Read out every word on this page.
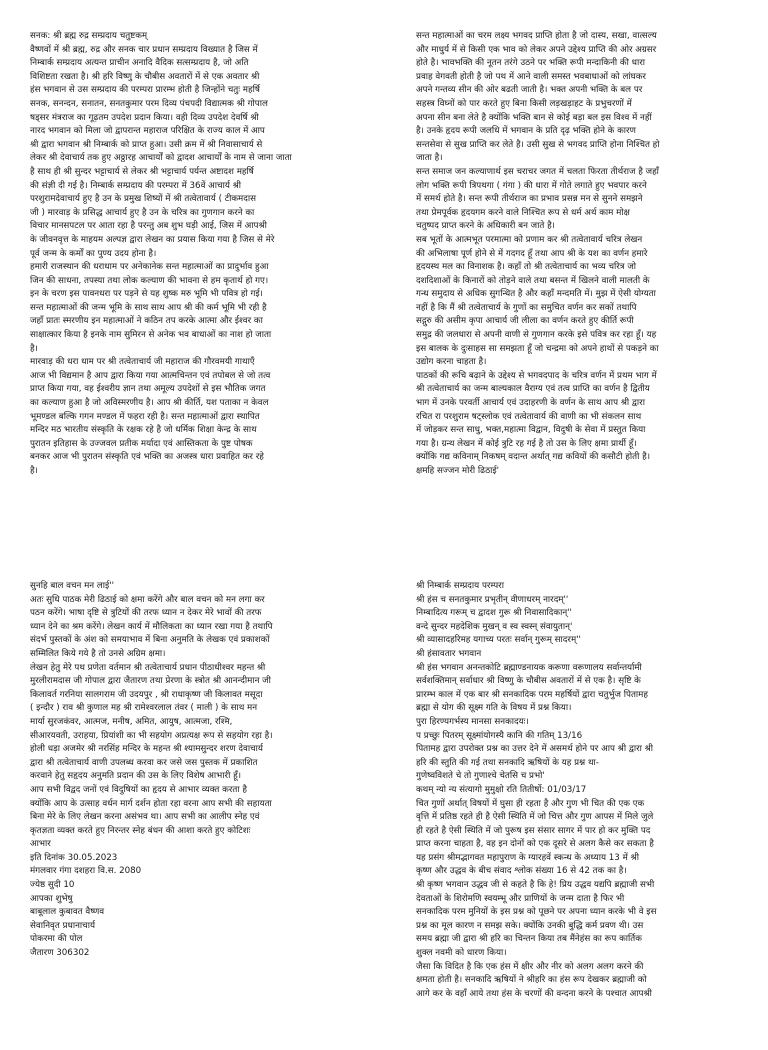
सनक: श्री ब्रह्म रुद्र सम्प्रदाय चतुष्टकम्
वैष्णवों में श्री ब्रह्म, रुद्र और सनक चार प्रधान सम्प्रदाय विख्यात है जिस में
निम्बार्क सम्प्रदाय अत्यन्त प्राचीन अनादि वैदिक सत्सम्प्रदाय है, जो अति
विशिष्टता रखता है। श्री हरि विष्णु के चौबीस अवतारों में से एक अवतार श्री
हंस भगवान से उस सम्प्रदाय की परम्परा प्रारम्भ होती है जिन्होंने चतुः महर्षि
सनक, सनन्दन, सनातन, सनतकुमार परम दिव्य पंचपदी विद्यात्मक श्री गोपाल
षड्सर मंत्रराज का गूढ़तम उपदेश प्रदान किया। वही दिव्य उपदेश देवर्षि श्री
नारद भगवान को मिला जो द्वापरान्त महाराज परिक्षित के राज्य काल में आप
श्री द्वारा भगवान श्री निम्बार्क को प्राप्त हुआ। उसी क्रम में श्री निवासाचार्य से
लेकर श्री देवाचार्य तक हुए अठ्ठारह आचार्यों को द्वादश आचार्यों के नाम से जाना जाता
है साथ ही श्री सुन्दर भट्टाचार्य से लेकर श्री भट्टाचार्य पर्यन्त अष्टादश महर्षि
की संज्ञी दी गई है। निम्बार्क सम्प्रदाय की परम्परा में 36वें आचार्य श्री
परशुरामदेवाचार्य हुए है उन के प्रमुख शिष्यों में श्री तत्वेतावार्य ( टीकमदास
जी ) मारवाड़ के प्रसिद्ध आचार्य हुए है उन के चरित्र का गुणगान करने का
विचार मानसपटल पर आता रहा है परन्तु अब शुभ घड़ी आई, जिस में आपश्री
के जीवनवृत्त के माहयम अल्पज्ञ द्वारा लेखन का प्रयास किया गया है जिस से मेरे
पूर्व जन्म के कर्मों का पुण्य उदय होना है।
हमारी राजस्थान की धराधाम पर अनेकानेक सन्त महात्माओं का प्रादुर्भाव हुआ
जिन की साधना, तपस्या तथा लोक कल्याण की भावना से हम कृतार्थ हो गए।
इन के चरण इस पावनधरा पर पड़ने से यह शुष्क मरु भूमि भी पवित्र हो गई।
सन्त महात्माओं की जन्म भूमि के साथ साथ आप श्री की कर्म भूमि भी रही है
जहाँ प्रातः स्मरणीय इन महात्माओं ने कठिन तप करके आत्मा और ईश्वर का
साक्षात्कार किया है इनके नाम सुमिरन से अनेक भव बाधाओं का नाश हो जाता
है।
मारवाड़ की धरा धाम पर श्री तत्वेताचार्य जी महाराज की गौरवमयी गाथाएँ
आज भी विद्यमान है आप द्वारा किया गया आत्मचिन्तन एवं तपोबल से जो तत्व
प्राप्त किया गया, वह ईश्वरीय ज्ञान तथा अमूल्य उपदेशों से इस भौतिक जगत
का कल्याण हुआ है जो अविस्मरणीय है। आप श्री कीर्ति, यश पताका न केवल
भूमण्डल बल्कि गगन मण्डल में फहरा रही है। सन्त महात्माओं द्वारा स्थापित
मन्दिर मठ भारतीय संस्कृति के रक्षक रहे है जो धर्मिक शिक्षा केन्द्र के साथ
पुरातन इतिहास के उज्जवल प्रतीक मर्यादा एवं आस्तिकता के पुष्ट पोषक
बनकर आज भी पुरातन संस्कृति एवं भक्ति का अजस्त्र धारा प्रवाहित कर रहे
है।
सन्त महात्माओं का चरम लक्ष्य भगवद प्राप्ति होता है जो दास्य, सखा, वात्सल्य
और माधुर्य में से किसी एक भाव को लेकर अपने उद्देश्य प्राप्ति की ओर अग्रसर
होते है। भावभक्ति की नूतन तरंगे उठने पर भक्ति रूपी मन्दाकिनी की धारा
प्रवाह वेगवती होती है जो पथ में आने वाली समस्त भवबाधाओं को लांघकर
अपने गन्तव्य सीन की ओर बढती जाती है। भक्त अपनी भक्ति के बल पर
सहस्त्र विघ्नों को पार करते हुए बिना किसी लड़खड़ाहट के प्रभुचरणों में
अपना सीन बना लेते है क्योंकि भक्ति बान से कोई बड़ा बल इस विश्व में नहीं
है। उनके हृदय रूपी जलधि में भगवान के प्रति दृढ़ भक्ति होने के कारण
सन्तसेवा से सुख प्राप्ति कर लेते है। उसी सुख से भगवद प्राप्ति होना निश्चित हो
जाता है।
सन्त समाज जन कल्याणार्थ इस चराचर जगत में चलता फिरता तीर्थराज है जहाँ
लोग भक्ति रूपी त्रिपथगा ( गंगा ) की धारा में गोते लगाते हुए भवपार करने
में समर्थ होते है। सन्त रूपी तीर्थराज का प्रभाव प्रसन्न मन से सुनने समझने
तथा प्रेमपूर्वक हृदयगम करने वाले निश्चित रूप से धर्म अर्थ काम मोक्ष
चतुष्पद प्राप्त करने के अधिकारी बन जाते है।
सब भूतों के आत्मभूत परमात्मा को प्रणाम कर श्री तत्वेतावार्य चरित्र लेखन
की अभिलाषा पूर्ण होने से में गदगद हूँ तथा आप श्री के यश का वर्णन हमारे
हृदयस्थ मल का विनाशक है। कहाँ तो श्री तत्वेताचार्य का भव्य चरित्र जो
दशदिशाओं के किनारों को तोड़ने वाले तथा बसन्त में खिलने वाली मालती के
गन्ध समुदाय से अधिक सुगन्धित है और कहाँ मन्दमति में। मुझ में ऐसी योग्यता
नहीं है कि मैं श्री तत्वेताचार्य के गुणों का समुचित वर्णन कर सकों तथापि
सद्गुरु की असीम कृपा आचार्य जी लीला का वर्णन करते हुए कीर्ति रूपी
समुद्र की जलधारा से अपनी वाणी से गुणगान करके इसे पवित्र कर रहा हूँ। यह
इस बालक के दुःसाहस सा समझता हूँ जो चन्द्रमा को अपने हाथों से पकड़ने का
उद्योग करना चाहता है।
पाठकों की रूचि बढ़ाने के उद्देश्य से भगवदपाद के चरित्र वर्णन में प्रथम भाग में
श्री तत्वेताचार्य का जन्म बाल्यकाल वैराग्य एवं तत्व प्राप्ति का वर्णन है द्वितीय
भाग में उनके परवर्ती आचार्य एवं उदाहरणी के वर्णन के साथ आप श्री द्वारा
रचित रा परशुराम षट्स्लोक एवं तत्वेतावार्य की वाणी का भी संकलन साथ
में जोड़कर सन्त साधु, भक्त,महात्मा विद्वान, विदुषी के सेवा में प्रस्तुत किया
गया है। ग्रन्थ लेखन में कोई त्रुटि रह गई है तो उस के लिए क्षमा प्रार्थी हूँ।
क्योंकि गद्य कविनाम् निकषम् वदान्त अर्थात् गद्य कवियों की कसौटी होती है।
क्षमहि सज्जन मोरी ढिठाई'
सुनहि बाल वचन मन लाई''
अतः सुधि पाठक मेरी ढिठाई को क्षमा करेंगे और बाल वचन को मन लगा कर
पठन करेंगे। भाषा दृष्टि से त्रुटियों की तरफ ध्यान न देकर मेरे भावों की तरफ
ध्यान देने का श्रम करेंगे। लेखन कार्य में मौलिकता का ध्यान रखा गया है तथापि
संदर्भ पुस्तकों के अंश को समयाभाव में बिना अनुमति के लेखक एवं प्रकाशकों
सम्मिलित किये गये है तो उनसे अग्रिम क्षमा।
लेखन हेतु मेरे पथ प्रणेता वर्तमान श्री तत्वेताचार्य प्रधान पीठाधीश्वर महन्त श्री
मुरलीरामदास जी गोपाल द्वारा जैतारण तथा प्रेरणा के स्त्रोत श्री आनन्दीमान जी
किलावर्त गरनिया सालगराम जी उदयपुर , श्री राधाकृष्ण जी किलावत मसूदा
( इन्दौर ) राव श्री कुणाल मह श्री रामेश्वरलाल तंवर ( माली ) के साथ मन
मार्या सुरजकंवर, आत्मज, मनीष, अमित, आयुष, आत्मजा, रश्मि,
सीआरयवती, उराहया, प्रियांशी का भी सहयोग अप्रत्यक्ष रूप से सहयोग रहा है।
होली धड़ा अजमेर श्री नरसिंह मन्दिर के महन्त श्री श्यामसुन्दर शरण देवाचार्य
द्वारा श्री तत्वेताचार्य वाणी उपलब्ध करवा कर जसे जस पुस्तक में प्रकाशित
करवाने हेतु सहृदय अनुमति प्रदान की उस के लिए विशेष आभारी हूँ।
आप सभी विद्वद जनों एवं विदुषियों का हृदय से आभार व्यक्त करता है
क्योंकि आप के उत्साह वर्धन मार्ग दर्शन होता रहा वरना आप सभी की सहायता
बिना मेरे के लिए लेखन करना असंभव था। आप सभी का आलीप स्नेह एवं
कृतज्ञता व्यक्त करते हुए निरन्तर स्नेह बंधन की आशा करते हुए कोटिशः
आभार
इति दिनांक 30.05.2023
मंगलवार गंगा दशहरा वि.स. 2080
ज्येष्ठ सुदी 10
आपका शुभेषु
बाबूलाल कुबावत वैष्णव
सेवानिवृत प्रधानाचार्य
पोकरमा की पोल
जैतारण 306302
श्री निम्बार्क सम्प्रदाय परम्परा
श्री हंस च सनतकुमार प्रभृतीन् वीणाधरम् नारदम्''
निम्बादित्य गरूम् च द्वादश गुरू श्री निवासादिकान्''
वन्दे सुन्दर महदेशिक मुखन् व स्व स्वस्न् संवायुतान्'
श्री व्यासादहरिमह यगाच्य परतः सर्वान् गुरूम् सादरम्''
श्री हंसावतार भगवान
श्री हंस भगवान अनन्तकोटि ब्रह्माण्डनायक करूणा वरूणालय सर्वान्तर्यामी
सर्वशक्तिमान् सर्वाधार श्री विष्णु के चौबीस अवतारों में से एक है। सृष्टि के
प्रारम्भ काल में एक बार श्री सनकादिक परम महर्षियों द्वारा चतुर्भुज पितामह
ब्रह्मा से योग की सूक्ष्म गति के विषय में प्रश्न किया।
पुरा हिरण्यगर्भस्य मानसा सनकादयः।
प प्रच्छुः पितरम् सूक्ष्मांयोगस्यै कानि की गतिम् 13/16
पितामह द्वारा उपरोक्त प्रश्न का उत्तर देने में असमर्थ होने पर आप श्री द्वारा श्री
हरि की स्तुति की गई तथा सनकादि ऋषियों के यह प्रश्न था-
गुणेष्वविशते चे तो गुणाश्चे चेतसि च प्रभो'
कथम् न्यो न्य संत्यागो मुमुक्षो रति तितीर्षो: 01/03/17
चित गुणों अर्थात् विषयों में घुसा ही रहता है और गुण भी चित की एक एक
वृत्ति में प्रतिष्ठ रहते ही है ऐसी स्थिति में जो चित्त और गुण आपस में मिले जुले
ही रहते है ऐसी स्थिति में जो पुरूष इस संसार सागर में पार हो कर मुक्ति पद
प्राप्त करना चाहता है, वह इन दोनों को एक दूसरे से अलग कैसे कर सकता है
यह प्रसंग श्रीमद्भागवत महापुराण के ग्यारहवें स्कन्ध के अध्याय 13 में श्री
कृष्ण और उद्धव के बीच संवाद श्लोक संख्या 16 से 42 तक का है।
श्री कृष्ण भगवान उद्धव जी से कहते है कि हे! प्रिय उद्धव यद्यपि ब्रह्माजी सभी
देवताओं के शिरोमणि स्वयम्भू और प्राणियों के जन्म दाता है फिर भी
सनकादिक परम मुनियों के इस प्रश्न को पूछने पर अपना ध्यान करके भी वे इस
प्रश्न का मूल कारण न समझ सके। क्योंकि उनकी बुद्धि कर्म प्रवण थी। उस
समय ब्रह्मा जी द्वारा श्री हरि का चिन्तन किया तब मैंनेहंस का रूप कार्तिक
शुक्ल नवमी को धारण किया।
जैसा कि विदित है कि एक हंस में क्षीर और नीर को अलग अलग करने की
क्षमता होती है। सनकादि ऋषियों ने श्रीहरि का हंस रूप देखकर ब्रह्माजी को
आगे कर के वहाँ आये तथा हंस के चरणों की वन्दना करने के पश्चात आपश्री
